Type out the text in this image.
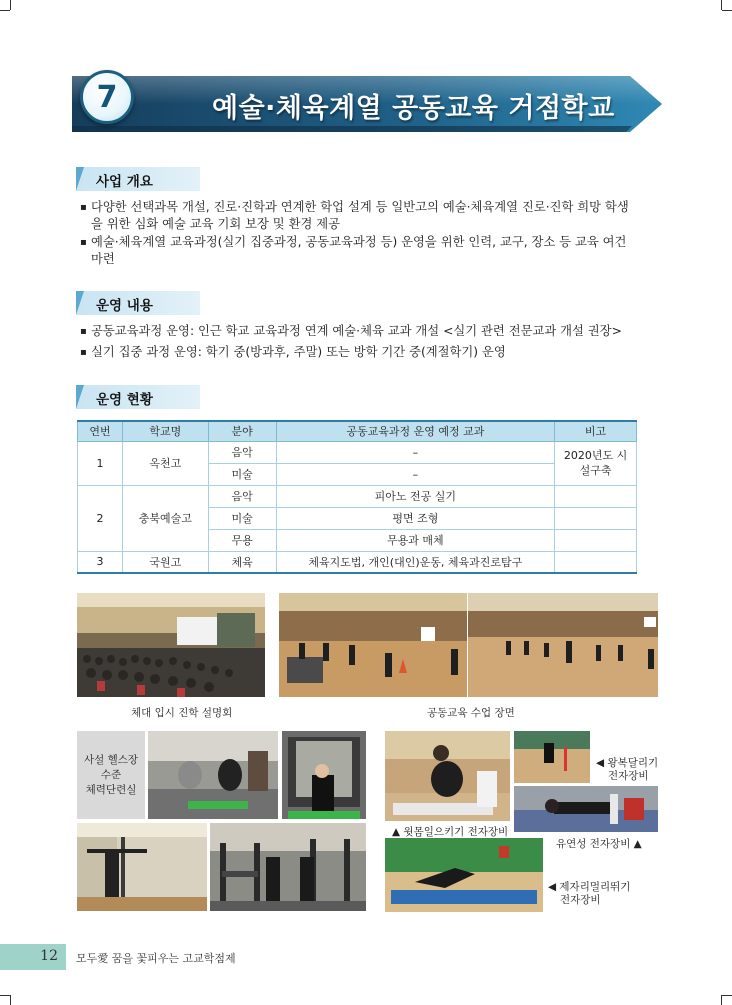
예술·체육계열 공동교육 거점학교
7
사업 개요
▪ 다양한 선택과목 개설, 진로·진학과 연계한 학업 설계 등 일반고의 예술·체육계열 진로·진학 희망 학생
을 위한 심화 예술 교육 기회 보장 및 환경 제공
▪ 예술·체육계열 교육과정(실기 집중과정, 공동교육과정 등) 운영을 위한 인력, 교구, 장소 등 교육 여건
마련
운영 내용
▪ 공동교육과정 운영: 인근 학교 교육과정 연계 예술·체육 교과 개설 <실기 관련 전문교과 개설 권장>
▪ 실기 집중 과정 운영: 학기 중(방과후, 주말) 또는 방학 기간 중(계절학기) 운영
운영 현황
연번	학교명	분야	공동교육과정 운영 예정 교과	비고
1	옥천고	음악	–	2020년도 시설구축
		미술	–	
2	충북예술고	음악	피아노 전공 실기	
		미술	평면 조형	
		무용	무용과 매체	
3	국원고	체육	체육지도법, 개인(대인)운동, 체육과진로탐구	
체대 입시 진학 설명회	공동교육 수업 장면
사설 헬스장
수준
체력단련실
▲ 윗몸일으키기 전자장비
◀ 왕복달리기
전자장비
유연성 전자장비 ▲
◀ 제자리멀리뛰기
전자장비
12 모두愛 꿈을 꽃피우는 고교학점제
